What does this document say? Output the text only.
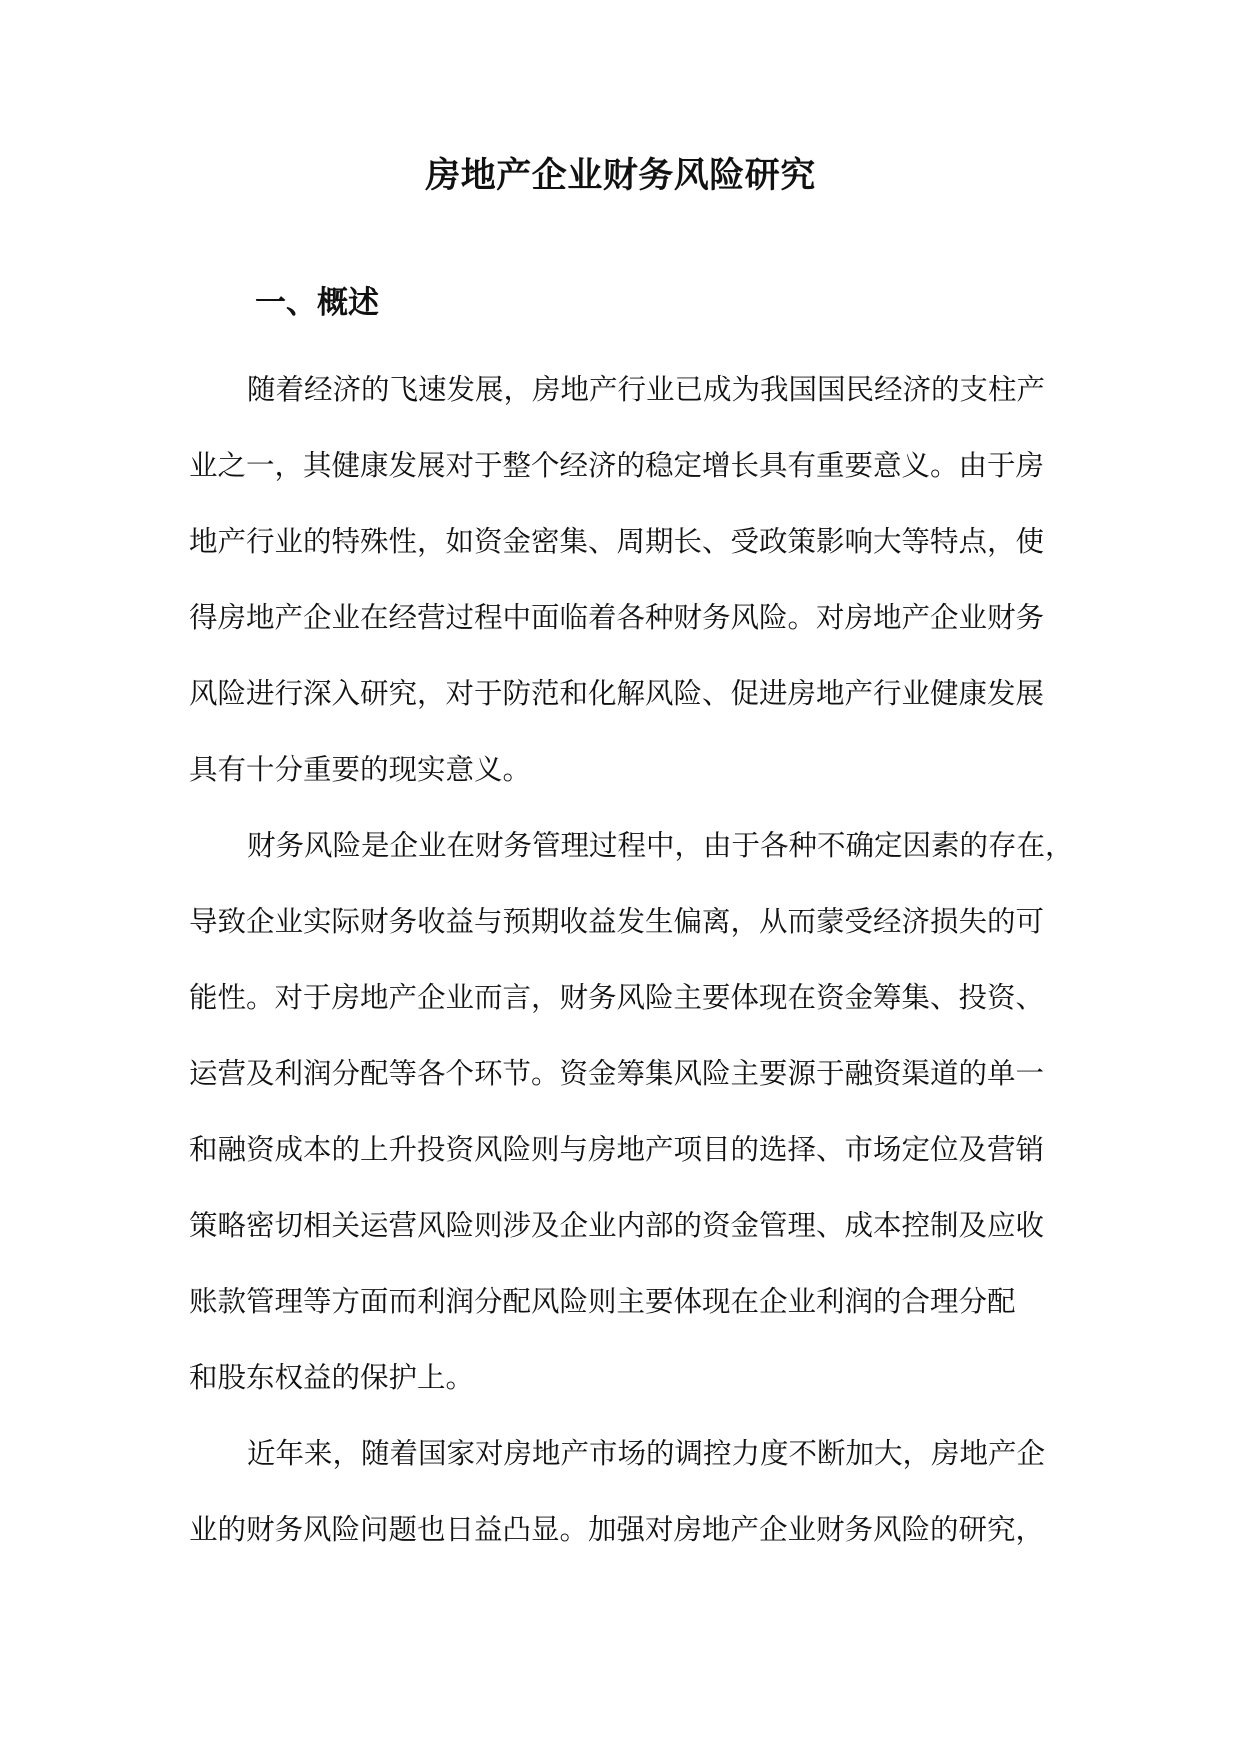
房地产企业财务风险研究
一、概述
随着经济的飞速发展，房地产行业已成为我国国民经济的支柱产
业之一，其健康发展对于整个经济的稳定增长具有重要意义。由于房
地产行业的特殊性，如资金密集、周期长、受政策影响大等特点，使
得房地产企业在经营过程中面临着各种财务风险。对房地产企业财务
风险进行深入研究，对于防范和化解风险、促进房地产行业健康发展
具有十分重要的现实意义。
财务风险是企业在财务管理过程中，由于各种不确定因素的存在，
导致企业实际财务收益与预期收益发生偏离，从而蒙受经济损失的可
能性。对于房地产企业而言，财务风险主要体现在资金筹集、投资、
运营及利润分配等各个环节。资金筹集风险主要源于融资渠道的单一
和融资成本的上升投资风险则与房地产项目的选择、市场定位及营销
策略密切相关运营风险则涉及企业内部的资金管理、成本控制及应收
账款管理等方面而利润分配风险则主要体现在企业利润的合理分配
和股东权益的保护上。
近年来，随着国家对房地产市场的调控力度不断加大，房地产企
业的财务风险问题也日益凸显。加强对房地产企业财务风险的研究，
